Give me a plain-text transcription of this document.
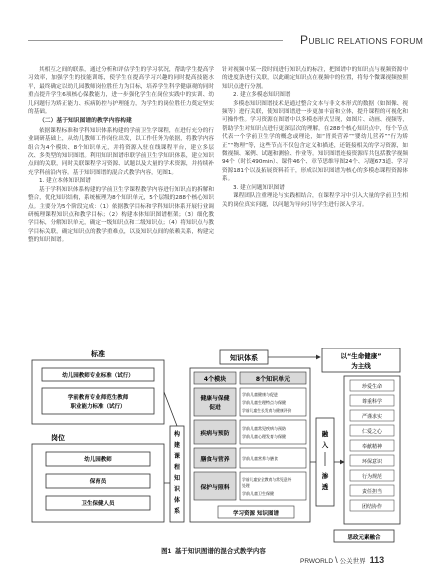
PUBLIC RELATIONS FORUM

其相互之间的联系，通过分析和评估学生的学习状况，帮助学生提高学习效率，加强学生的技能训练，使学生在提高学习兴趣的同时提高技能水平，最终确定以幼儿园教师岗位胜任力为目标，培养学生科学健康观的同时重点提升学生6项核心保教能力，进一步强化学生在岗位实践中的实训、幼儿问题行为矫正能力、疾病防控与护理能力，为学生的岗位胜任力奠定坚实的基础。

（二）基于知识图谱的教学内容构建

依据课程标准和学科知识体系构建的学前卫生学课程，在进行充分的行业调研基础上，从幼儿教师工作岗位出发，以工作任务为依据，将教学内容组合为4个模块、8个知识单元，并将资源入驻在线课程平台，建立多层次、多类型的知识图谱。利用知识图谱串联学前卫生学知识体系，建立知识点间的关联，同时关联课程学习资源、试题以及大量的学术资源，并持续补充学科前沿内容。基于知识图谱的混合式教学内容，见图1。

1. 建立本体知识图谱

基于学科知识体系构建的学前卫生学课程教学内容进行知识点的拆解和整合，优化知识结构，系统梳理为8个知识单元，5个层级的288个核心知识点。主要分为5个阶段完成：（1）依据教学目标和学科知识体系开展行业调研梳理课程知识点和教学目标；（2）构建本体知识图谱框架；（3）细化教学目标，分解知识单元，确定一级知识点和二级知识点；（4）将知识点与教学目标关联，确定知识点的教学重难点，以及知识点间的依赖关系，构建完整的知识图谱。

针对视频中某一段时间进行知识点的标注，把图谱中的知识点与视频资源中的进度条进行关联，以此确定知识点在视频中的位置，将每个微课视频按照知识点进行分割。

2. 建立多模态知识图谱

多模态知识图谱技术是通过整合文本与非文本形式的数据（如图像、视频等）进行关联，使知识图谱进一步更加丰富和立体，提升课程的可视化和可操作性。学习资源在图谱中以多模态形式呈现，如图片、动画、视频等，帮助学生对知识点进行更深层次的理解。在288个核心知识点中，每个节点代表一个学前卫生学的概念或理论，如“胃炎营养”“婴幼儿营养”“行为矫正”“物理”等，这些节点不仅包含定义和描述，还链接相关的学习资源，如微视频、案例、试题和测验、作业等。知识图谱连接资源库共包括教学视频94个（时长490min）、课件46个、章节思维导图24个、习题673道、学习资源181个以及拓展资料若干，形成以知识图谱为核心的多模态课程资源体系。

3. 建立问题知识图谱

课程团队注重理论与实践相结合，在课程学习中引入大量的学前卫生相关的岗位真实问题，以问题为导向引导学生进行深入学习。

标准
幼儿园教师专业标准（试行）
学前教育专业师范生教师
职业能力标准（试行）
岗位
幼儿园教师
保育员
卫生保健人员
构
建
课
程
知
识
体
系
知识体系
4个模块	8个知识单元
健康与保健
促进
学前儿童健康与促进
学前儿童生理特点与保健
学前儿童生长发育与健康评价
疾病与预防
学前儿童常见疾病与预防
学前儿童心理发育与保健
膳食与营养	学前儿童营养与膳食
保护与照料
学前儿童安全教育与常见意外
处理
学前儿童卫生保健
学习资源 知识图谱
融
入
渗
透
以“生命健康”
为主线
珍爱生命
尊重科学
严谨求实
仁爱之心
奉献精神
环保意识
行为规范
责任担当
团结协作
思政元素融合
图1 基于知识图谱的混合式教学内容
PRWORLD \ 公关世界 113
